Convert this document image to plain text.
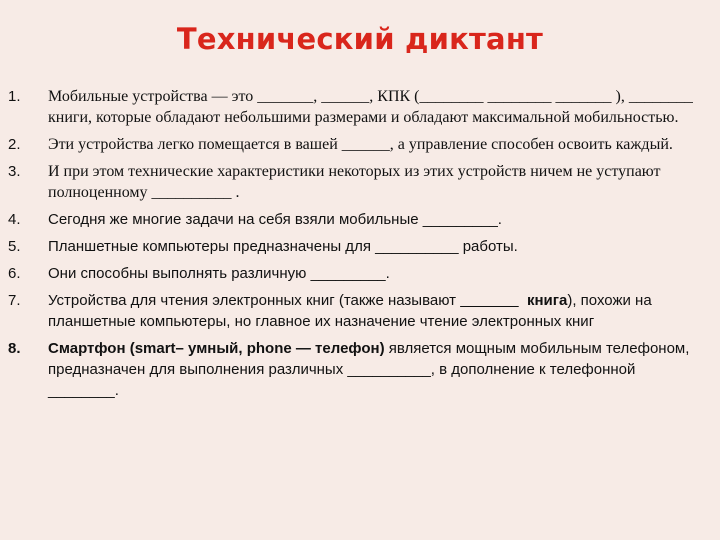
Технический диктант
1.	Мобильные устройства — это _______, ______, КПК (________ ________ _______ ), ________ книги, которые обладают небольшими размерами и обладают максимальной мобильностью.
2.	Эти устройства легко помещается в вашей ______, а управление способен освоить каждый.
3.	И при этом технические характеристики некоторых из этих устройств ничем не уступают полноценному __________ .
4.	Сегодня же многие задачи на себя взяли мобильные _________.
5.	Планшетные компьютеры предназначены для __________ работы.
6.	Они способны выполнять различную _________.
7.	Устройства для чтения электронных книг (также называют _______ книга), похожи на планшетные компьютеры, но главное их назначение чтение электронных книг
8.	Смартфон (smart– умный, phone — телефон) является мощным мобильным телефоном, предназначен для выполнения различных __________, в дополнение к телефонной ________.
